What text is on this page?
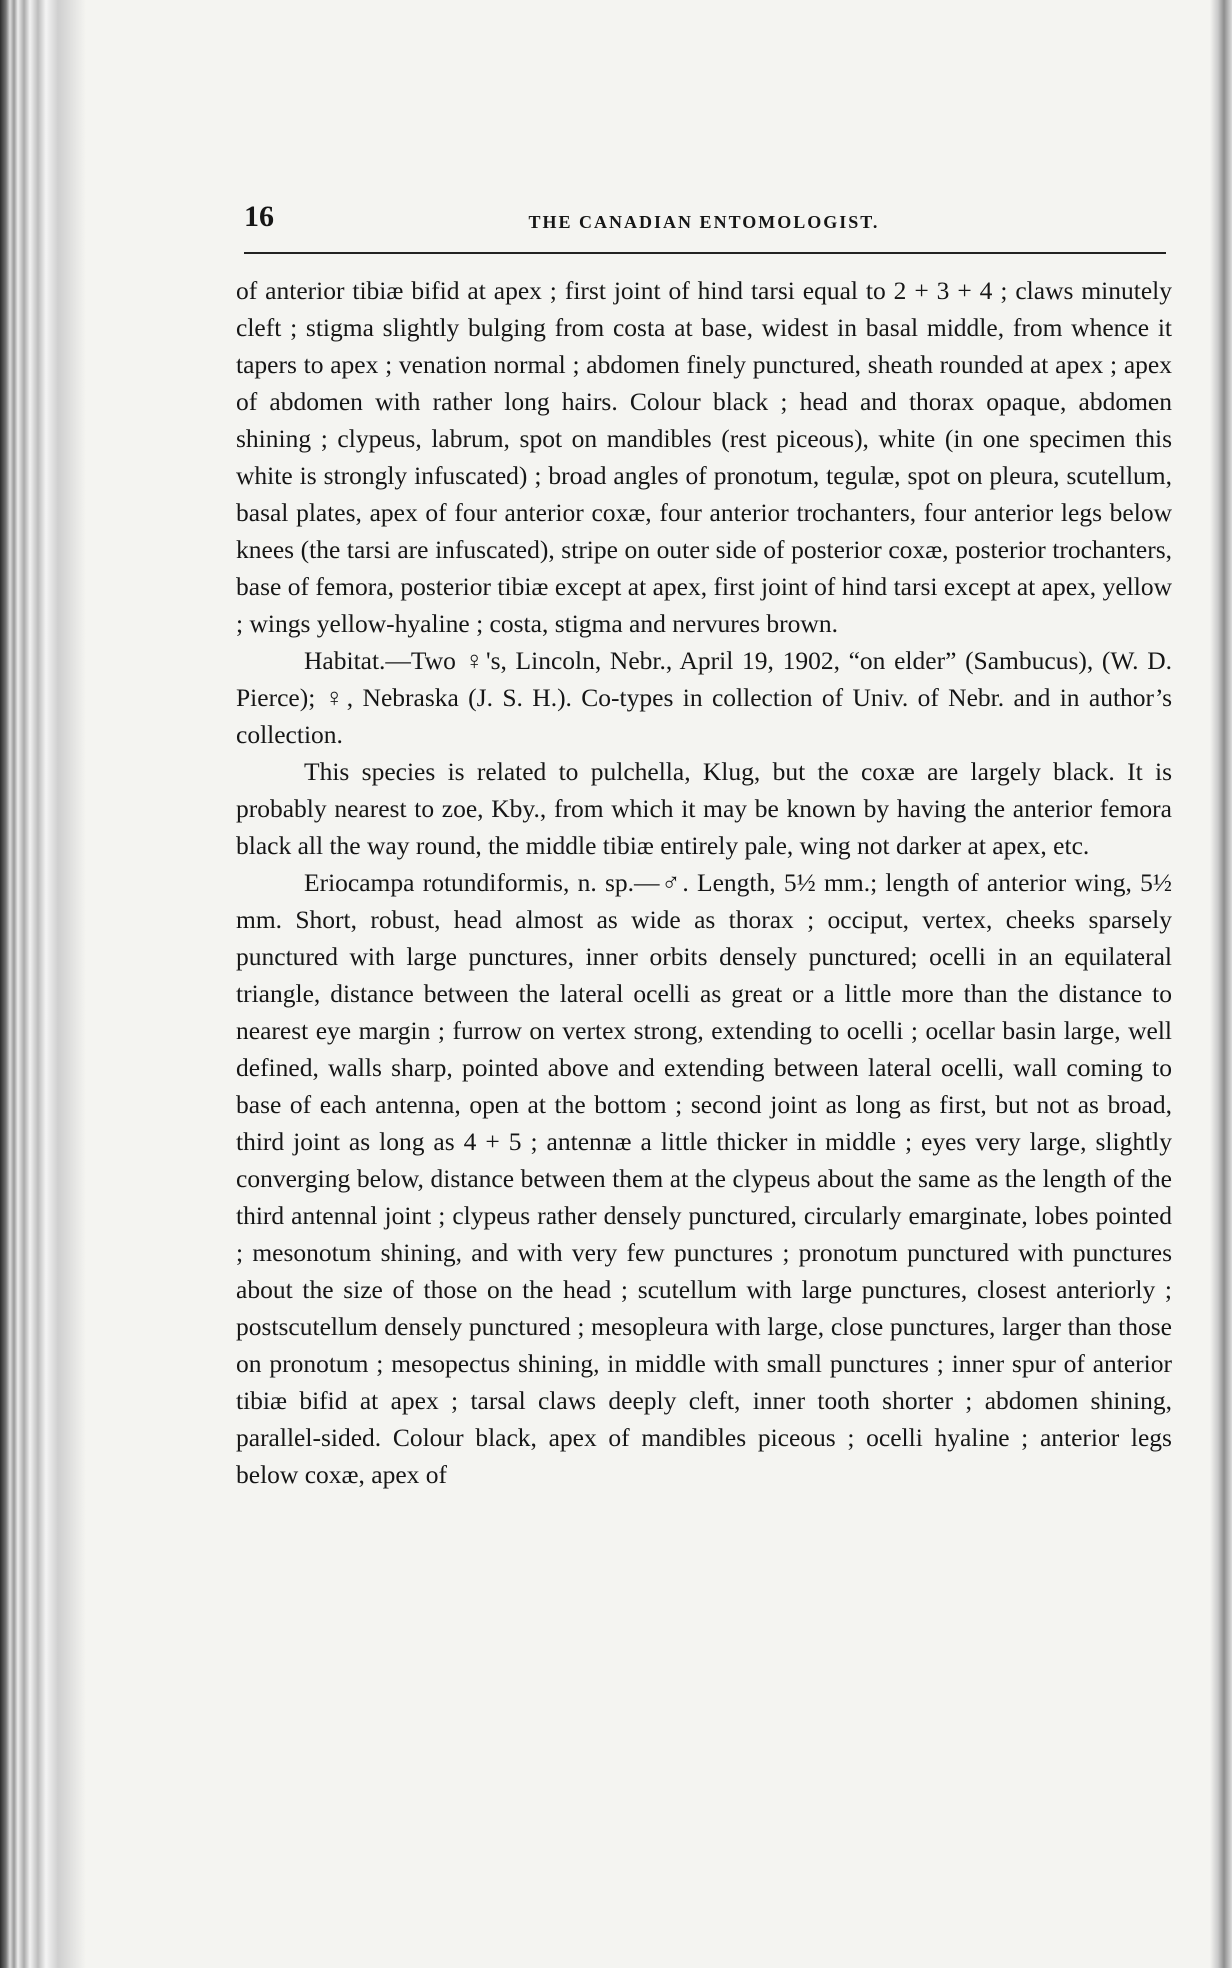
16	THE CANADIAN ENTOMOLOGIST.

of anterior tibiæ bifid at apex ; first joint of hind tarsi equal to 2 + 3 + 4 ; claws minutely cleft ; stigma slightly bulging from costa at base, widest in basal middle, from whence it tapers to apex ; venation normal ; abdomen finely punctured, sheath rounded at apex ; apex of abdomen with rather long hairs. Colour black ; head and thorax opaque, abdomen shining ; clypeus, labrum, spot on mandibles (rest piceous), white (in one specimen this white is strongly infuscated) ; broad angles of pronotum, tegulæ, spot on pleura, scutellum, basal plates, apex of four anterior coxæ, four anterior trochanters, four anterior legs below knees (the tarsi are infuscated), stripe on outer side of posterior coxæ, posterior trochanters, base of femora, posterior tibiæ except at apex, first joint of hind tarsi except at apex, yellow ; wings yellow-hyaline ; costa, stigma and nervures brown.

Habitat.—Two ♀'s, Lincoln, Nebr., April 19, 1902, “on elder” (Sambucus), (W. D. Pierce); ♀, Nebraska (J. S. H.). Co-types in collection of Univ. of Nebr. and in author’s collection.

This species is related to pulchella, Klug, but the coxæ are largely black. It is probably nearest to zoe, Kby., from which it may be known by having the anterior femora black all the way round, the middle tibiæ entirely pale, wing not darker at apex, etc.

Eriocampa rotundiformis, n. sp.—♂. Length, 5½ mm.; length of anterior wing, 5½ mm. Short, robust, head almost as wide as thorax ; occiput, vertex, cheeks sparsely punctured with large punctures, inner orbits densely punctured; ocelli in an equilateral triangle, distance between the lateral ocelli as great or a little more than the distance to nearest eye margin ; furrow on vertex strong, extending to ocelli ; ocellar basin large, well defined, walls sharp, pointed above and extending between lateral ocelli, wall coming to base of each antenna, open at the bottom ; second joint as long as first, but not as broad, third joint as long as 4 + 5 ; antennæ a little thicker in middle ; eyes very large, slightly converging below, distance between them at the clypeus about the same as the length of the third antennal joint ; clypeus rather densely punctured, circularly emarginate, lobes pointed ; mesonotum shining, and with very few punctures ; pronotum punctured with punctures about the size of those on the head ; scutellum with large punctures, closest anteriorly ; postscutellum densely punctured ; mesopleura with large, close punctures, larger than those on pronotum ; mesopectus shining, in middle with small punctures ; inner spur of anterior tibiæ bifid at apex ; tarsal claws deeply cleft, inner tooth shorter ; abdomen shining, parallel-sided. Colour black, apex of mandibles piceous ; ocelli hyaline ; anterior legs below coxæ, apex of
